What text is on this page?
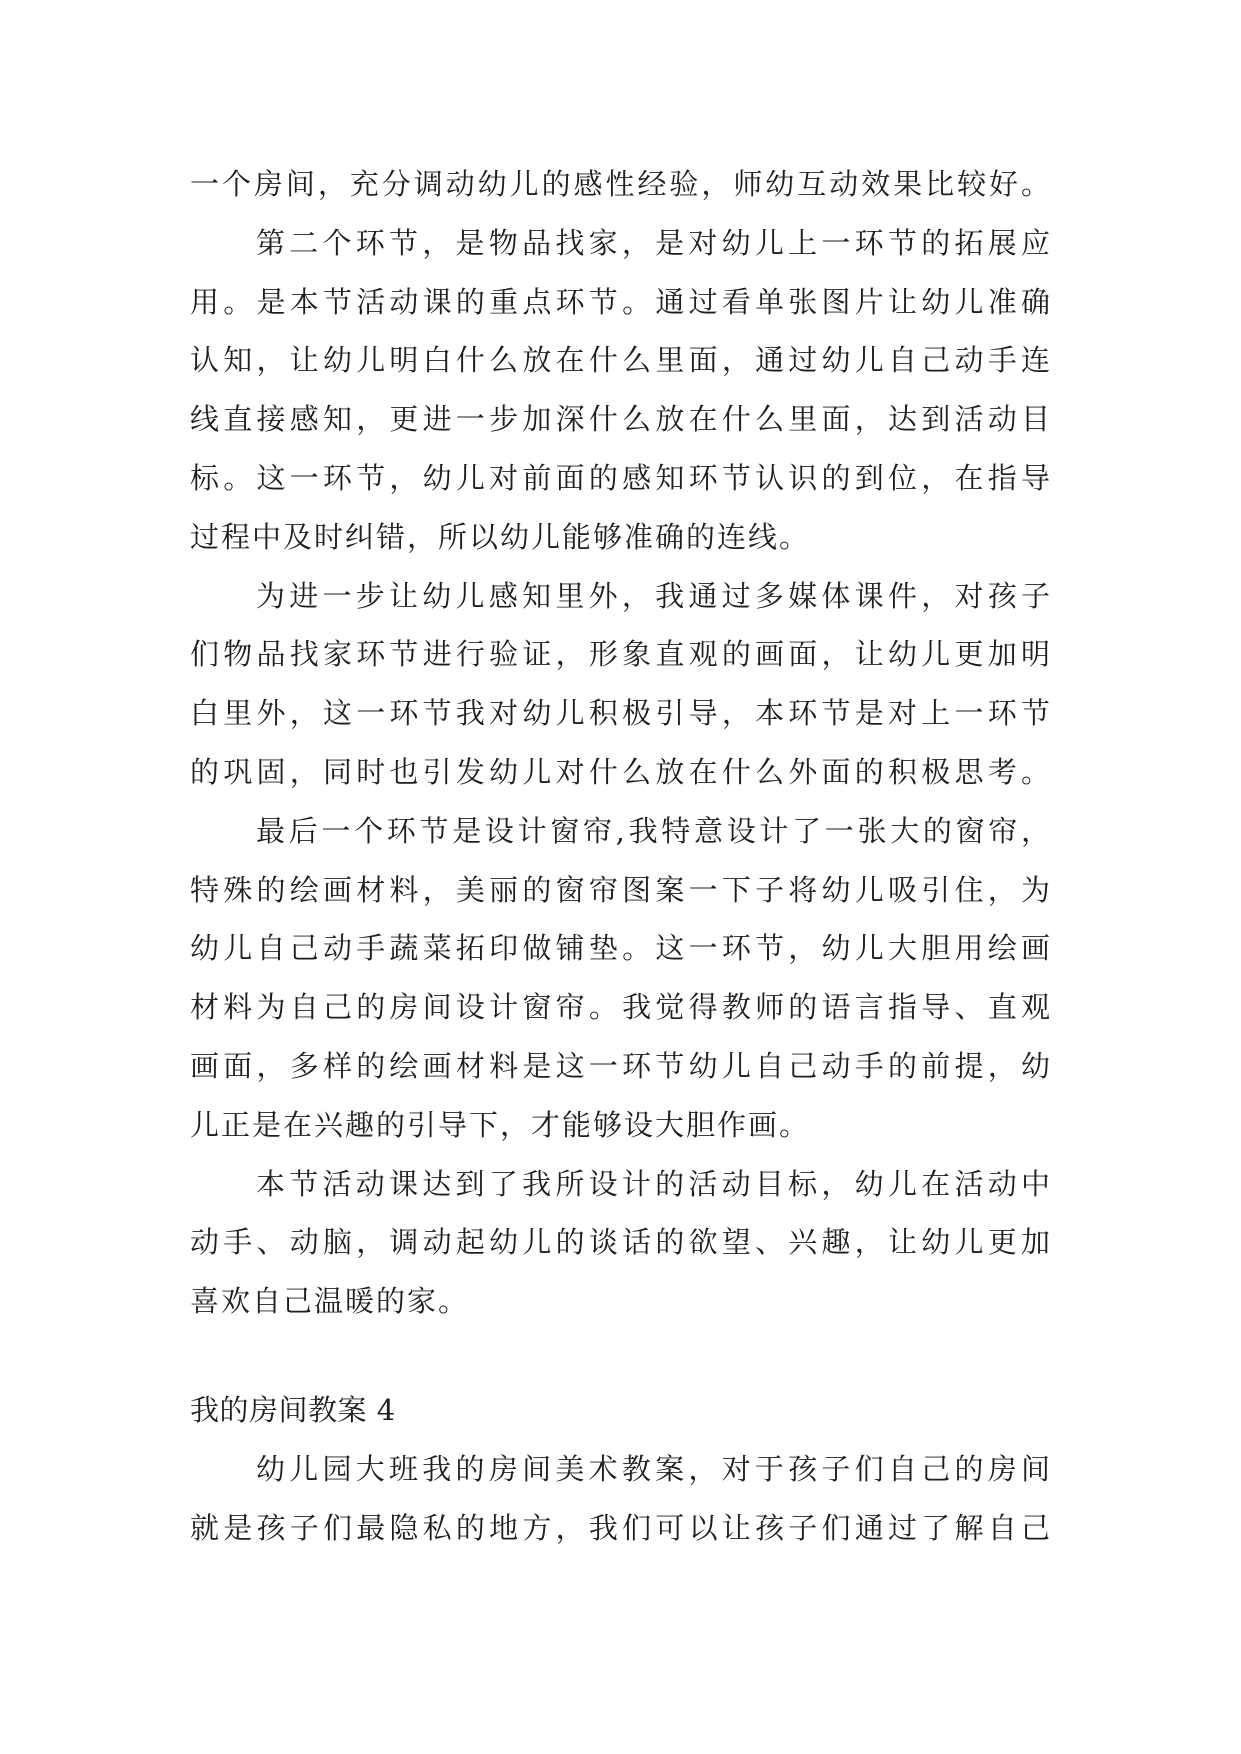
一个房间，充分调动幼儿的感性经验，师幼互动效果比较好。
第二个环节，是物品找家，是对幼儿上一环节的拓展应
用。是本节活动课的重点环节。通过看单张图片让幼儿准确
认知，让幼儿明白什么放在什么里面，通过幼儿自己动手连
线直接感知，更进一步加深什么放在什么里面，达到活动目
标。这一环节，幼儿对前面的感知环节认识的到位，在指导
过程中及时纠错，所以幼儿能够准确的连线。
为进一步让幼儿感知里外，我通过多媒体课件，对孩子
们物品找家环节进行验证，形象直观的画面，让幼儿更加明
白里外，这一环节我对幼儿积极引导，本环节是对上一环节
的巩固，同时也引发幼儿对什么放在什么外面的积极思考。
最后一个环节是设计窗帘,我特意设计了一张大的窗帘，
特殊的绘画材料，美丽的窗帘图案一下子将幼儿吸引住，为
幼儿自己动手蔬菜拓印做铺垫。这一环节，幼儿大胆用绘画
材料为自己的房间设计窗帘。我觉得教师的语言指导、直观
画面，多样的绘画材料是这一环节幼儿自己动手的前提，幼
儿正是在兴趣的引导下，才能够设大胆作画。
本节活动课达到了我所设计的活动目标，幼儿在活动中
动手、动脑，调动起幼儿的谈话的欲望、兴趣，让幼儿更加
喜欢自己温暖的家。
我的房间教案 4
幼儿园大班我的房间美术教案，对于孩子们自己的房间
就是孩子们最隐私的地方，我们可以让孩子们通过了解自己
